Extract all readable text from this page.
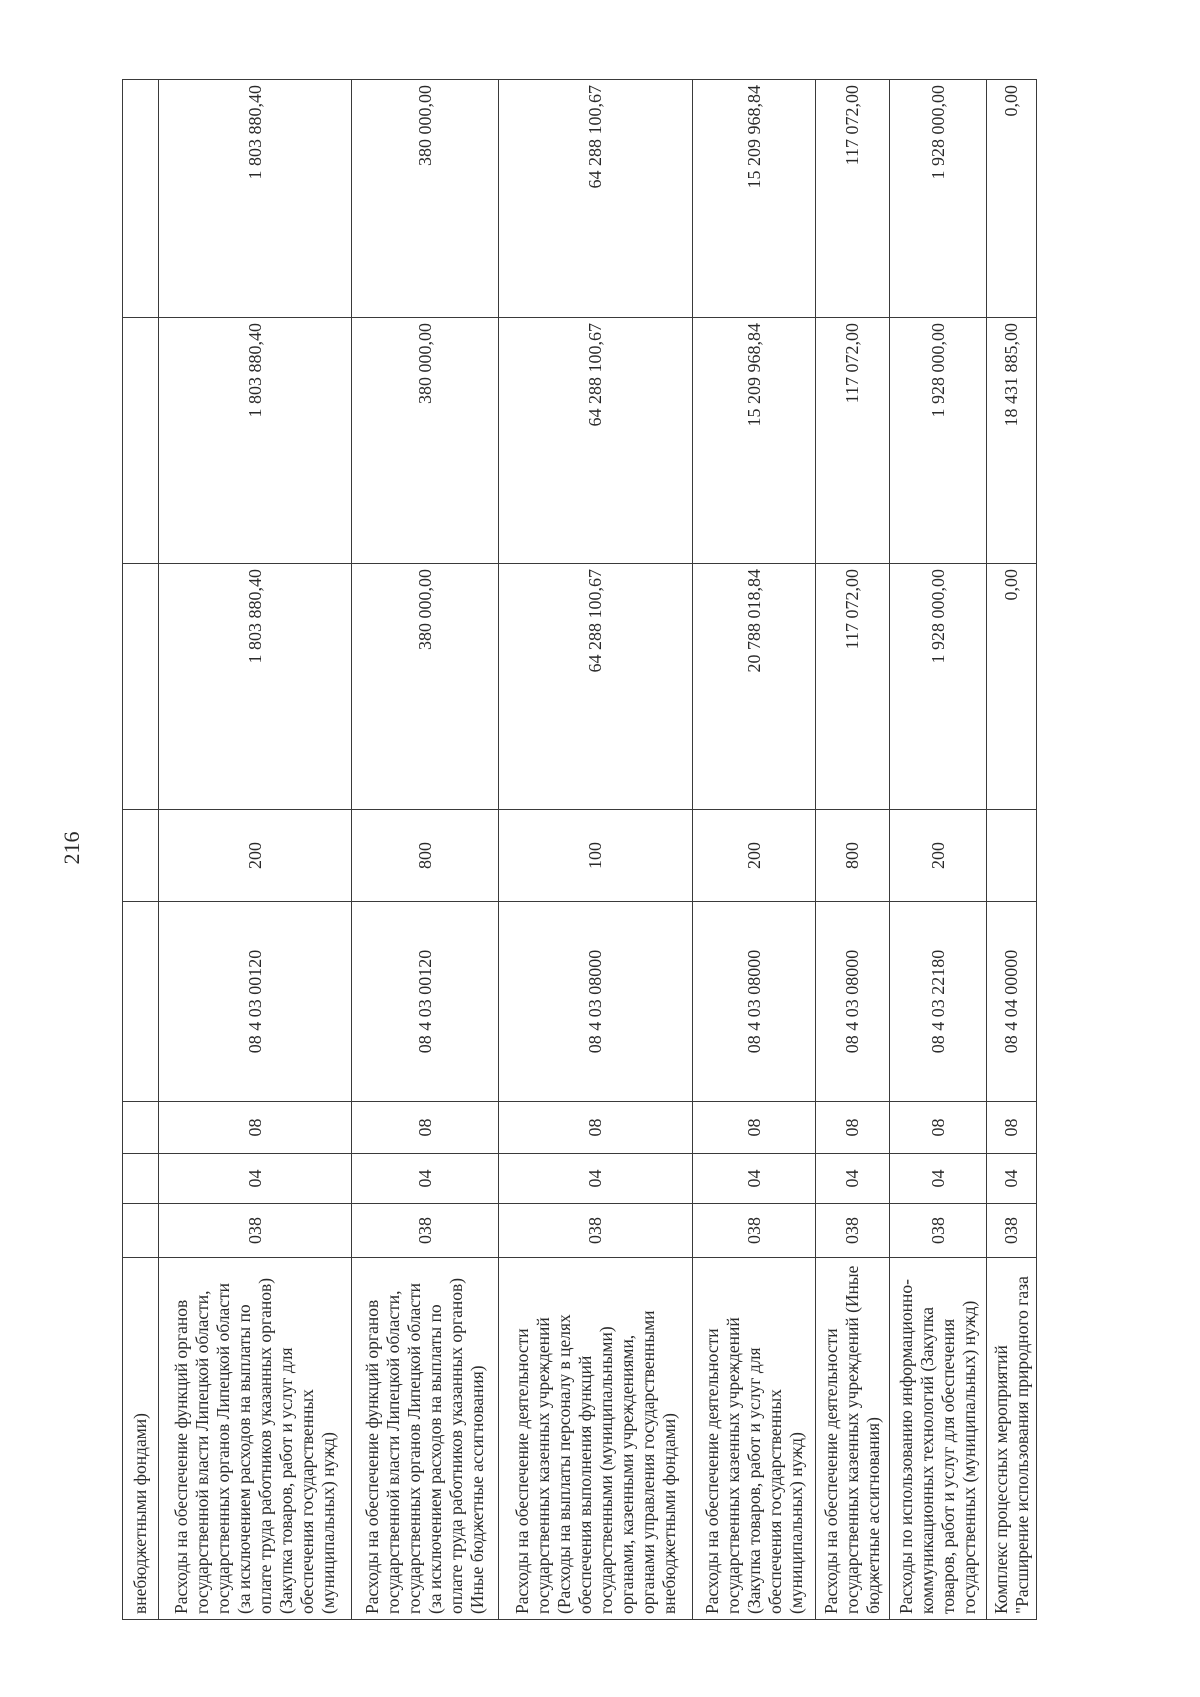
216
внебюджетными фондами)								
Расходы на обеспечение функций органов государственной власти Липецкой области, государственных органов Липецкой области (за исключением расходов на выплаты по оплате труда работников указанных органов) (Закупка товаров, работ и услуг для обеспечения государственных (муниципальных) нужд)	038	04	08	08 4 03 00120	200	1 803 880,40	1 803 880,40	1 803 880,40
Расходы на обеспечение функций органов государственной власти Липецкой области, государственных органов Липецкой области (за исключением расходов на выплаты по оплате труда работников указанных органов) (Иные бюджетные ассигнования)	038	04	08	08 4 03 00120	800	380 000,00	380 000,00	380 000,00
Расходы на обеспечение деятельности государственных казенных учреждений (Расходы на выплаты персоналу в целях обеспечения выполнения функций государственными (муниципальными) органами, казенными учреждениями, органами управления государственными внебюджетными фондами)	038	04	08	08 4 03 08000	100	64 288 100,67	64 288 100,67	64 288 100,67
Расходы на обеспечение деятельности государственных казенных учреждений (Закупка товаров, работ и услуг для обеспечения государственных (муниципальных) нужд)	038	04	08	08 4 03 08000	200	20 788 018,84	15 209 968,84	15 209 968,84
Расходы на обеспечение деятельности государственных казенных учреждений (Иные бюджетные ассигнования)	038	04	08	08 4 03 08000	800	117 072,00	117 072,00	117 072,00
Расходы по использованию информационно-коммуникационных технологий (Закупка товаров, работ и услуг для обеспечения государственных (муниципальных) нужд)	038	04	08	08 4 03 22180	200	1 928 000,00	1 928 000,00	1 928 000,00
Комплекс процессных мероприятий "Расширение использования природного газа	038	04	08	08 4 04 00000		0,00	18 431 885,00	0,00
